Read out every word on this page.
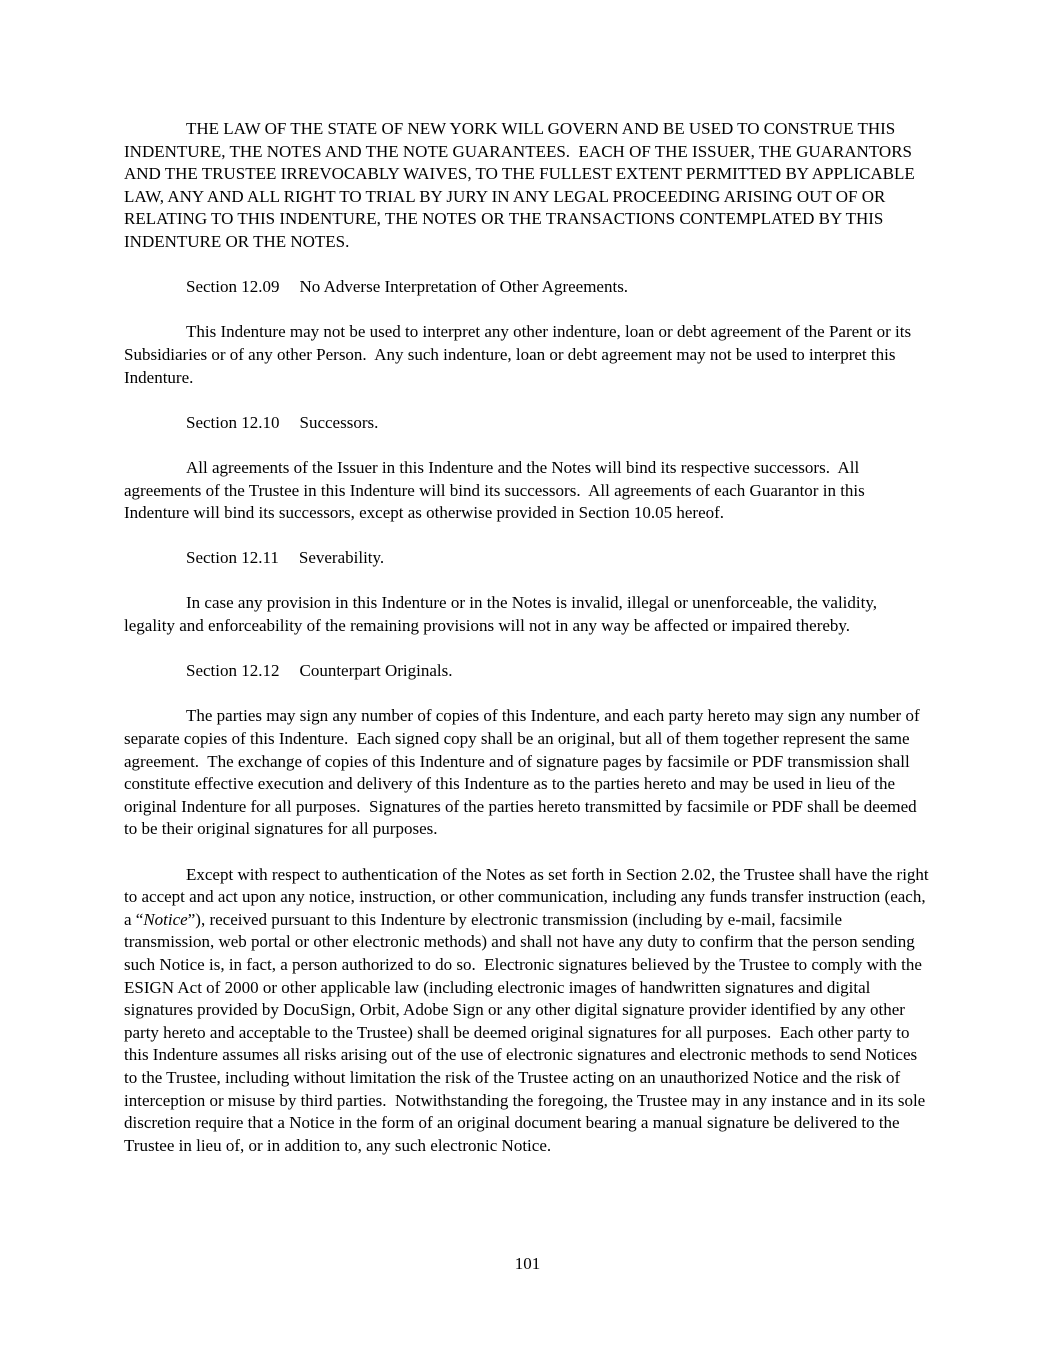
THE LAW OF THE STATE OF NEW YORK WILL GOVERN AND BE USED TO CONSTRUE THIS INDENTURE, THE NOTES AND THE NOTE GUARANTEES.  EACH OF THE ISSUER, THE GUARANTORS AND THE TRUSTEE IRREVOCABLY WAIVES, TO THE FULLEST EXTENT PERMITTED BY APPLICABLE LAW, ANY AND ALL RIGHT TO TRIAL BY JURY IN ANY LEGAL PROCEEDING ARISING OUT OF OR RELATING TO THIS INDENTURE, THE NOTES OR THE TRANSACTIONS CONTEMPLATED BY THIS INDENTURE OR THE NOTES.

Section 12.09 No Adverse Interpretation of Other Agreements.

This Indenture may not be used to interpret any other indenture, loan or debt agreement of the Parent or its Subsidiaries or of any other Person.  Any such indenture, loan or debt agreement may not be used to interpret this Indenture.

Section 12.10 Successors.

All agreements of the Issuer in this Indenture and the Notes will bind its respective successors.  All agreements of the Trustee in this Indenture will bind its successors.  All agreements of each Guarantor in this Indenture will bind its successors, except as otherwise provided in Section 10.05 hereof.

Section 12.11 Severability.

In case any provision in this Indenture or in the Notes is invalid, illegal or unenforceable, the validity, legality and enforceability of the remaining provisions will not in any way be affected or impaired thereby.

Section 12.12 Counterpart Originals.

The parties may sign any number of copies of this Indenture, and each party hereto may sign any number of separate copies of this Indenture.  Each signed copy shall be an original, but all of them together represent the same agreement.  The exchange of copies of this Indenture and of signature pages by facsimile or PDF transmission shall constitute effective execution and delivery of this Indenture as to the parties hereto and may be used in lieu of the original Indenture for all purposes.  Signatures of the parties hereto transmitted by facsimile or PDF shall be deemed to be their original signatures for all purposes.

Except with respect to authentication of the Notes as set forth in Section 2.02, the Trustee shall have the right to accept and act upon any notice, instruction, or other communication, including any funds transfer instruction (each, a “Notice”), received pursuant to this Indenture by electronic transmission (including by e-mail, facsimile transmission, web portal or other electronic methods) and shall not have any duty to confirm that the person sending such Notice is, in fact, a person authorized to do so.  Electronic signatures believed by the Trustee to comply with the ESIGN Act of 2000 or other applicable law (including electronic images of handwritten signatures and digital signatures provided by DocuSign, Orbit, Adobe Sign or any other digital signature provider identified by any other party hereto and acceptable to the Trustee) shall be deemed original signatures for all purposes.  Each other party to this Indenture assumes all risks arising out of the use of electronic signatures and electronic methods to send Notices to the Trustee, including without limitation the risk of the Trustee acting on an unauthorized Notice and the risk of interception or misuse by third parties.  Notwithstanding the foregoing, the Trustee may in any instance and in its sole discretion require that a Notice in the form of an original document bearing a manual signature be delivered to the Trustee in lieu of, or in addition to, any such electronic Notice.

101
